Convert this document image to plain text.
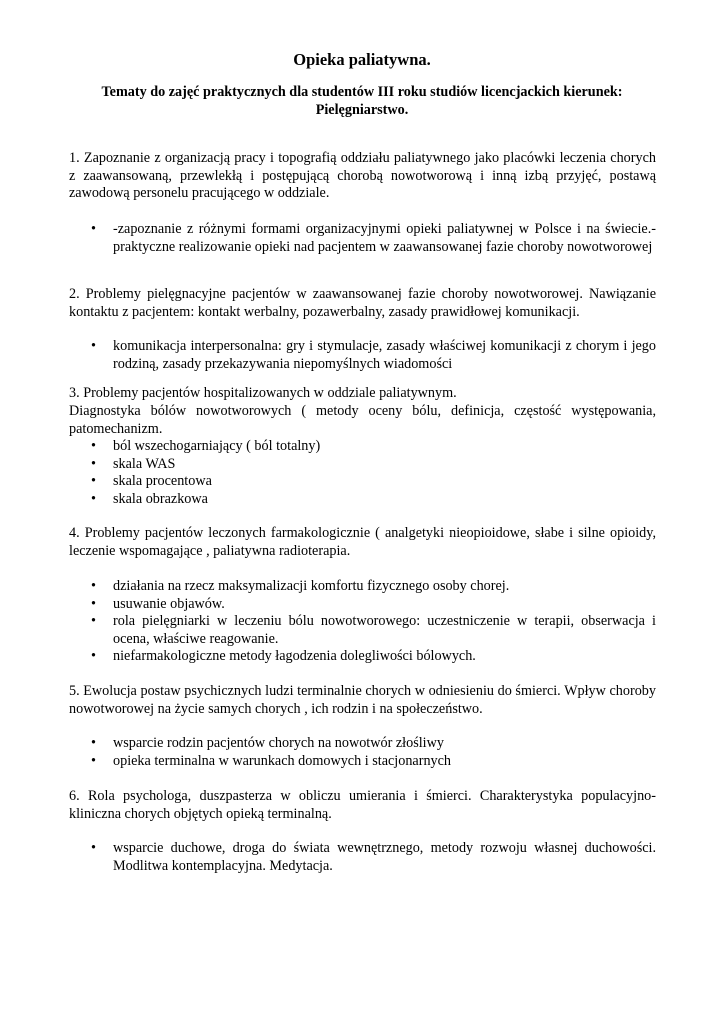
Opieka paliatywna.
Tematy do zajęć praktycznych dla studentów III roku studiów licencjackich kierunek: Pielęgniarstwo.

1. Zapoznanie z organizacją pracy i topografią oddziału paliatywnego jako placówki leczenia chorych z zaawansowaną, przewlekłą i postępującą chorobą nowotworową i inną izbą przyjęć, postawą zawodową personelu pracującego w oddziale.

• -zapoznanie z różnymi formami organizacyjnymi opieki paliatywnej w Polsce i na świecie.- praktyczne realizowanie opieki nad pacjentem w zaawansowanej fazie choroby nowotworowej

2. Problemy pielęgnacyjne pacjentów w zaawansowanej fazie choroby nowotworowej. Nawiązanie kontaktu z pacjentem: kontakt werbalny, pozawerbalny, zasady prawidłowej komunikacji.

• komunikacja interpersonalna: gry i stymulacje, zasady właściwej komunikacji z chorym i jego rodziną, zasady przekazywania niepomyślnych wiadomości

3. Problemy pacjentów hospitalizowanych w oddziale paliatywnym.

Diagnostyka bólów nowotworowych ( metody oceny bólu, definicja, częstość występowania, patomechanizm.

• ból wszechogarniający ( ból totalny)
• skala WAS
• skala procentowa
• skala obrazkowa

4. Problemy pacjentów leczonych farmakologicznie ( analgetyki nieopioidowe, słabe i silne opioidy, leczenie wspomagające , paliatywna radioterapia.

• działania na rzecz maksymalizacji komfortu fizycznego osoby chorej.
• usuwanie objawów.
• rola pielęgniarki w leczeniu bólu nowotworowego: uczestniczenie w terapii, obserwacja i ocena, właściwe reagowanie.
• niefarmakologiczne metody łagodzenia dolegliwości bólowych.

5. Ewolucja postaw psychicznych ludzi terminalnie chorych w odniesieniu do śmierci. Wpływ choroby nowotworowej na życie samych chorych , ich rodzin i na społeczeństwo.

• wsparcie rodzin pacjentów chorych na nowotwór złośliwy
• opieka terminalna w warunkach domowych i stacjonarnych

6. Rola psychologa, duszpasterza w obliczu umierania i śmierci. Charakterystyka populacyjno-kliniczna chorych objętych opieką terminalną.

• wsparcie duchowe, droga do świata wewnętrznego, metody rozwoju własnej duchowości. Modlitwa kontemplacyjna. Medytacja.
